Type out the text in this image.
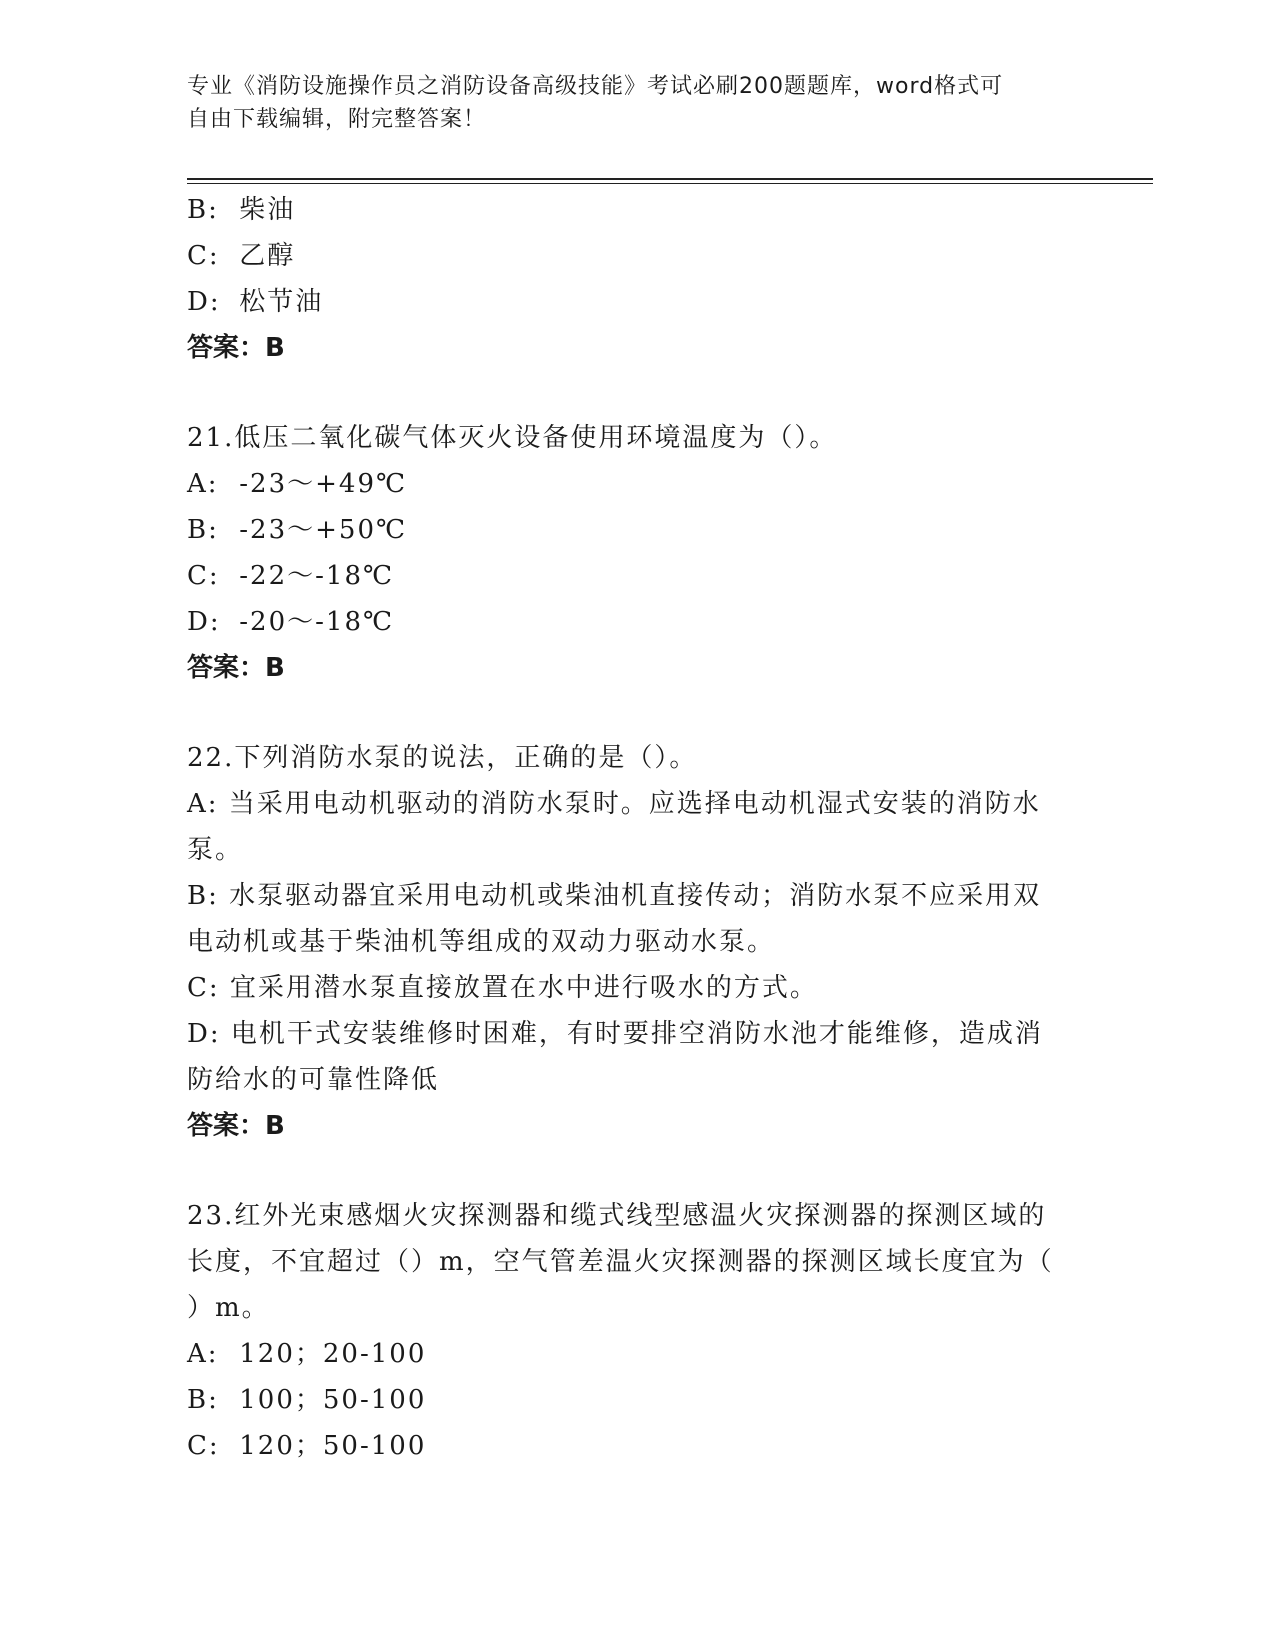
专业《消防设施操作员之消防设备高级技能》考试必刷200题题库，word格式可
自由下载编辑，附完整答案！
B: 柴油
C: 乙醇
D: 松节油
答案：B
21.低压二氧化碳气体灭火设备使用环境温度为（）。
A: -23～+49℃
B: -23～+50℃
C: -22～-18℃
D: -20～-18℃
答案：B
22.下列消防水泵的说法，正确的是（）。
A: 当采用电动机驱动的消防水泵时。应选择电动机湿式安装的消防水
泵。
B: 水泵驱动器宜采用电动机或柴油机直接传动；消防水泵不应采用双
电动机或基于柴油机等组成的双动力驱动水泵。
C: 宜采用潜水泵直接放置在水中进行吸水的方式。
D: 电机干式安装维修时困难，有时要排空消防水池才能维修，造成消
防给水的可靠性降低
答案：B
23.红外光束感烟火灾探测器和缆式线型感温火灾探测器的探测区域的
长度，不宜超过（）m，空气管差温火灾探测器的探测区域长度宜为（
）m。
A: 120；20-100
B: 100；50-100
C: 120；50-100
